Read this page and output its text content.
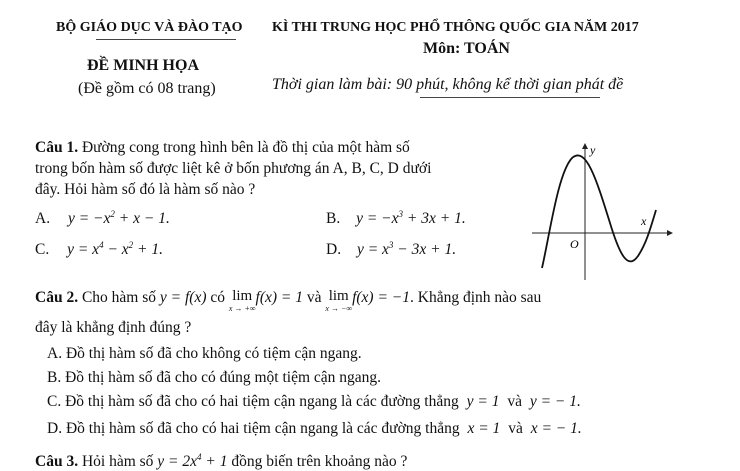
BỘ GIÁO DỤC VÀ ĐÀO TẠO KÌ THI TRUNG HỌC PHỔ THÔNG QUỐC GIA NĂM 2017
Môn: TOÁN
ĐỀ MINH HỌA
(Đề gồm có 08 trang)	Thời gian làm bài: 90 phút, không kể thời gian phát đề
Câu 1. Đường cong trong hình bên là đồ thị của một hàm số
trong bốn hàm số được liệt kê ở bốn phương án A, B, C, D dưới
đây. Hỏi hàm số đó là hàm số nào ?
A. $y = -x^2 + x - 1$.	B. $y = -x^3 + 3x + 1$.
C. $y = x^4 - x^2 + 1$.	D. $y = x^3 - 3x + 1$.
y
x
O
Câu 2. Cho hàm số y = f(x) có lim
x → +∞
f(x) = 1 và lim
x → −∞
f(x) = −1. Khẳng định nào sau
đây là khẳng định đúng ?
A. Đồ thị hàm số đã cho không có tiệm cận ngang.
B. Đồ thị hàm số đã cho có đúng một tiệm cận ngang.
C. Đồ thị hàm số đã cho có hai tiệm cận ngang là các đường thẳng y = 1 và y = − 1.
D. Đồ thị hàm số đã cho có hai tiệm cận ngang là các đường thẳng x = 1 và x = − 1.
Câu 3. Hỏi hàm số $y = 2x^4 + 1$ đồng biến trên khoảng nào ?
